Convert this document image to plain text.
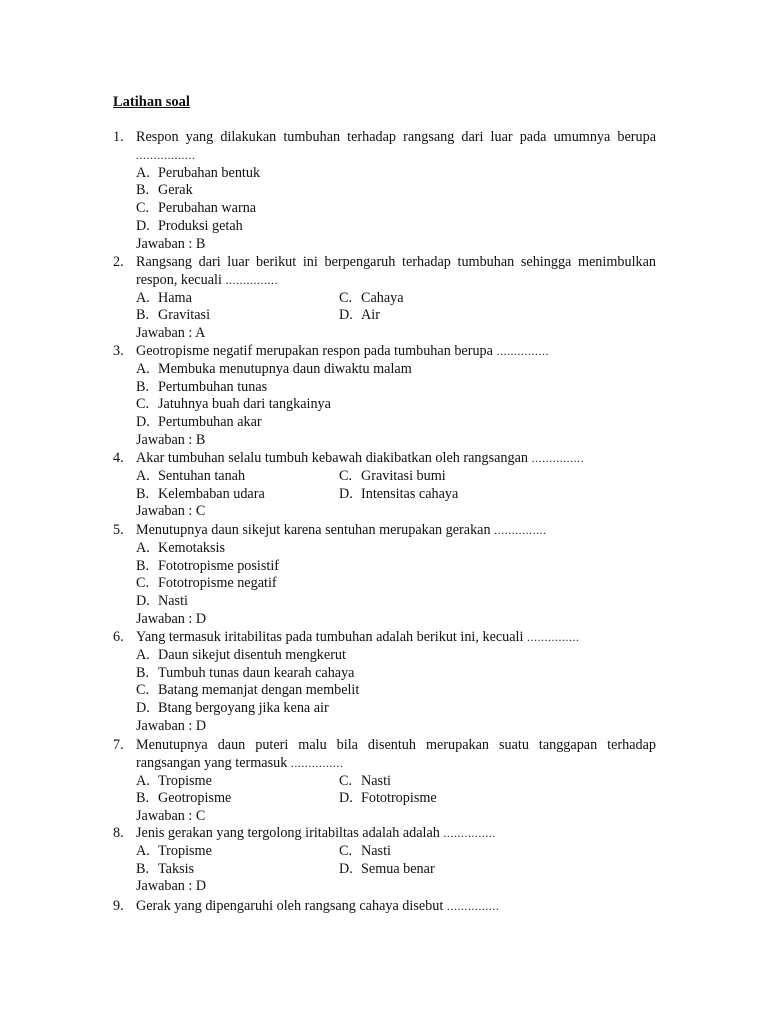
Latihan soal
1. Respon yang dilakukan tumbuhan terhadap rangsang dari luar pada umumnya berupa .................
A. Perubahan bentuk
B. Gerak
C. Perubahan warna
D. Produksi getah
Jawaban : B
2. Rangsang dari luar berikut ini berpengaruh terhadap tumbuhan sehingga menimbulkan respon, kecuali ...............
A. Hama	C. Cahaya
B. Gravitasi	D. Air
Jawaban : A
3. Geotropisme negatif merupakan respon pada tumbuhan berupa ...............
A. Membuka menutupnya daun diwaktu malam
B. Pertumbuhan tunas
C. Jatuhnya buah dari tangkainya
D. Pertumbuhan akar
Jawaban : B
4. Akar tumbuhan selalu tumbuh kebawah diakibatkan oleh rangsangan ...............
A. Sentuhan tanah	C. Gravitasi bumi
B. Kelembaban udara	D. Intensitas cahaya
Jawaban : C
5. Menutupnya daun sikejut karena sentuhan merupakan gerakan ...............
A. Kemotaksis
B. Fototropisme posistif
C. Fototropisme negatif
D. Nasti
Jawaban : D
6. Yang termasuk iritabilitas pada tumbuhan adalah berikut ini, kecuali ...............
A. Daun sikejut disentuh mengkerut
B. Tumbuh tunas daun kearah cahaya
C. Batang memanjat dengan membelit
D. Btang bergoyang jika kena air
Jawaban : D
7. Menutupnya daun puteri malu bila disentuh merupakan suatu tanggapan terhadap rangsangan yang termasuk ...............
A. Tropisme	C. Nasti
B. Geotropisme	D. Fototropisme
Jawaban : C
8. Jenis gerakan yang tergolong iritabiltas adalah adalah ...............
A. Tropisme	C. Nasti
B. Taksis	D. Semua benar
Jawaban : D
9. Gerak yang dipengaruhi oleh rangsang cahaya disebut ...............
